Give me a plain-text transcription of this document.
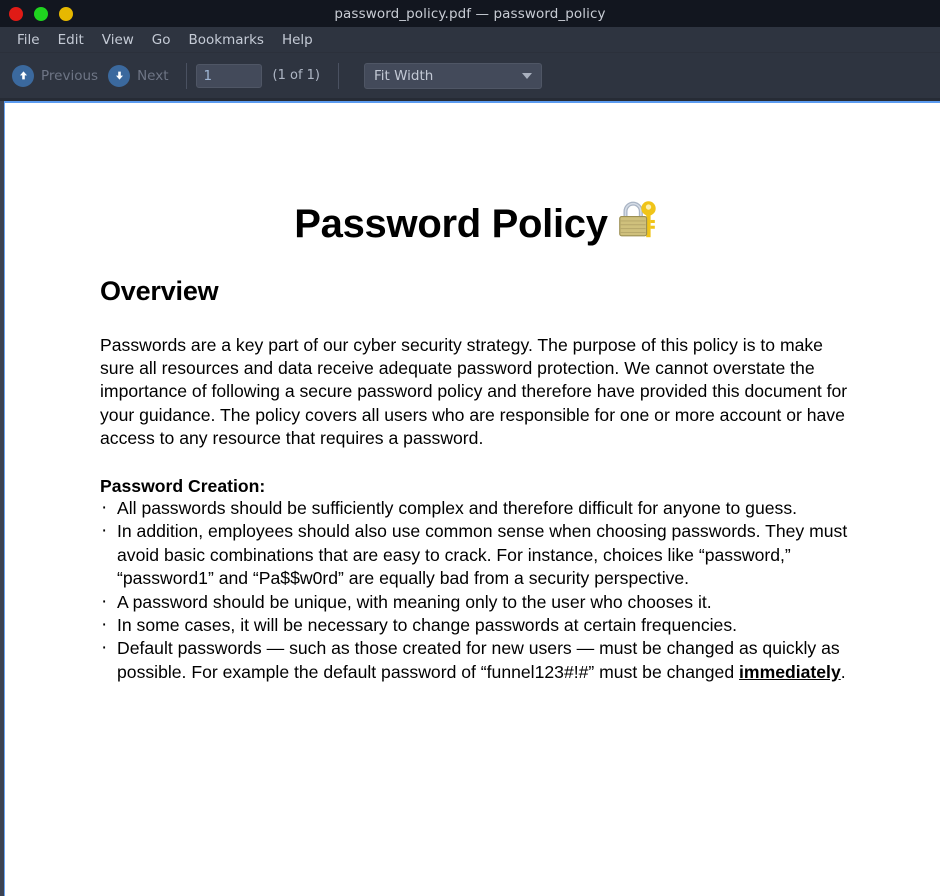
password_policy.pdf — password_policy
File	Edit	View	Go	Bookmarks	Help
Previous	Next
1	(1 of 1)	Fit Width
Password Policy
Overview

Passwords are a key part of our cyber security strategy. The purpose of this policy is to make sure all resources and data receive adequate password protection. We cannot overstate the importance of following a secure password policy and therefore have provided this document for your guidance. The policy covers all users who are responsible for one or more account or have access to any resource that requires a password.

Password Creation:

· All passwords should be sufficiently complex and therefore difficult for anyone to guess.
· In addition, employees should also use common sense when choosing passwords. They must avoid basic combinations that are easy to crack. For instance, choices like “password,” “password1” and “Pa$$w0rd” are equally bad from a security perspective.
· A password should be unique, with meaning only to the user who chooses it.
· In some cases, it will be necessary to change passwords at certain frequencies.
· Default passwords — such as those created for new users — must be changed as quickly as possible. For example the default password of “funnel123#!#” must be changed immediately.
